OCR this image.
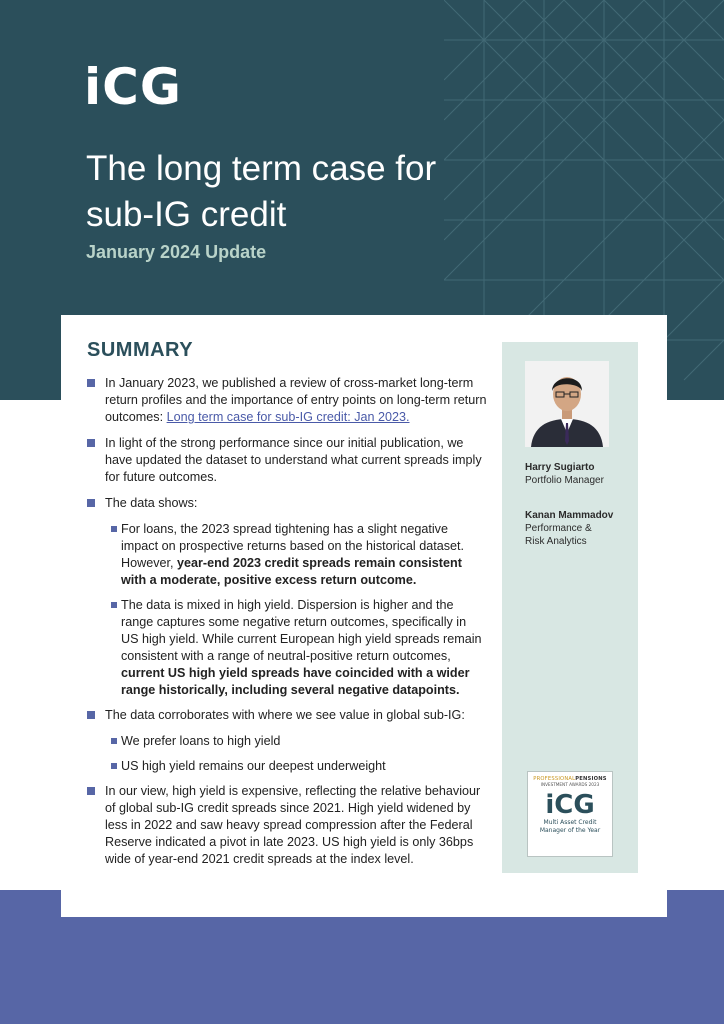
iCG
The long term case for
sub-IG credit
January 2024 Update
SUMMARY
In January 2023, we published a review of cross-market long-term return profiles and the importance of entry points on long-term return outcomes: Long term case for sub-IG credit: Jan 2023.
In light of the strong performance since our initial publication, we have updated the dataset to understand what current spreads imply for future outcomes.
The data shows:
For loans, the 2023 spread tightening has a slight negative impact on prospective returns based on the historical dataset. However, year-end 2023 credit spreads remain consistent with a moderate, positive excess return outcome.
The data is mixed in high yield. Dispersion is higher and the range captures some negative return outcomes, specifically in US high yield. While current European high yield spreads remain consistent with a range of neutral-positive return outcomes, current US high yield spreads have coincided with a wider range historically, including several negative datapoints.
The data corroborates with where we see value in global sub-IG:
We prefer loans to high yield
US high yield remains our deepest underweight
In our view, high yield is expensive, reflecting the relative behaviour of global sub-IG credit spreads since 2021. High yield widened by less in 2022 and saw heavy spread compression after the Federal Reserve indicated a pivot in late 2023. US high yield is only 36bps wide of year-end 2021 credit spreads at the index level.
Harry Sugiarto
Portfolio Manager
Kanan Mammadov
Performance &
Risk Analytics
PROFESSIONALPENSIONS
INVESTMENT AWARDS 2023
iCG
Multi Asset Credit
Manager of the Year
